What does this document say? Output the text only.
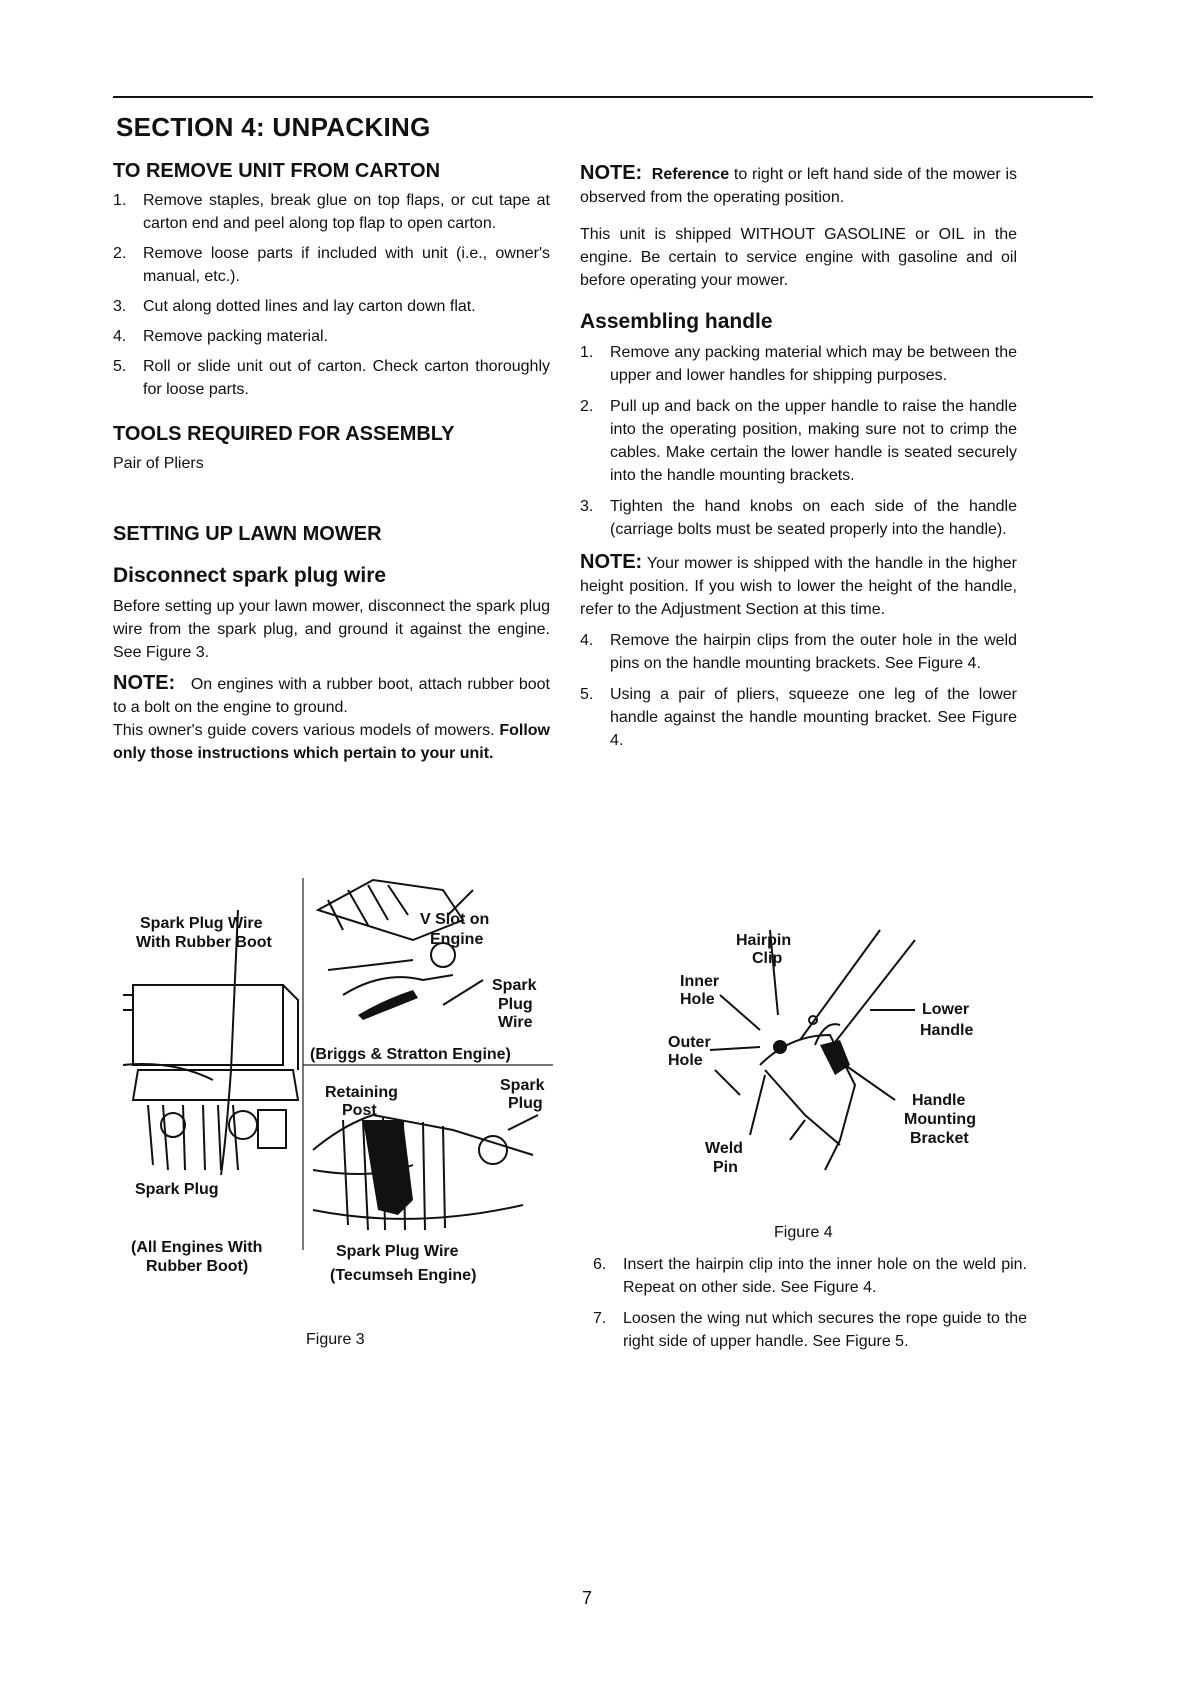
SECTION 4: UNPACKING
TO REMOVE UNIT FROM CARTON
1. Remove staples, break glue on top flaps, or cut tape at carton end and peel along top flap to open carton.
2. Remove loose parts if included with unit (i.e., owner's manual, etc.).
3. Cut along dotted lines and lay carton down flat.
4. Remove packing material.
5. Roll or slide unit out of carton. Check carton thoroughly for loose parts.
TOOLS REQUIRED FOR ASSEMBLY

Pair of Pliers

SETTING UP LAWN MOWER
Disconnect spark plug wire

Before setting up your lawn mower, disconnect the spark plug wire from the spark plug, and ground it against the engine. See Figure 3.

NOTE: On engines with a rubber boot, attach rubber boot to a bolt on the engine to ground.

This owner's guide covers various models of mowers. Follow only those instructions which pertain to your unit.

Spark Plug Wire
With Rubber Boot
Spark Plug
(All Engines With
Rubber Boot)
V Slot on
Engine
Spark
Plug
Wire
(Briggs & Stratton Engine)
Retaining
Post
Spark
Plug
Spark Plug Wire
(Tecumseh Engine)
Figure 3

NOTE: Reference to right or left hand side of the mower is observed from the operating position.

This unit is shipped WITHOUT GASOLINE or OIL in the engine. Be certain to service engine with gasoline and oil before operating your mower.

Assembling handle
1. Remove any packing material which may be between the upper and lower handles for shipping purposes.
2. Pull up and back on the upper handle to raise the handle into the operating position, making sure not to crimp the cables. Make certain the lower handle is seated securely into the handle mounting brackets.
3. Tighten the hand knobs on each side of the handle (carriage bolts must be seated properly into the handle).

NOTE: Your mower is shipped with the handle in the higher height position. If you wish to lower the height of the handle, refer to the Adjustment Section at this time.

4. Remove the hairpin clips from the outer hole in the weld pins on the handle mounting brackets. See Figure 4.
5. Using a pair of pliers, squeeze one leg of the lower handle against the handle mounting bracket. See Figure 4.
Hairpin
Clip
Inner
Hole
Outer
Hole
Lower
Handle
Handle
Mounting
Bracket
Weld
Pin
Figure 4
6. Insert the hairpin clip into the inner hole on the weld pin. Repeat on other side. See Figure 4.
7. Loosen the wing nut which secures the rope guide to the right side of upper handle. See Figure 5.
7
